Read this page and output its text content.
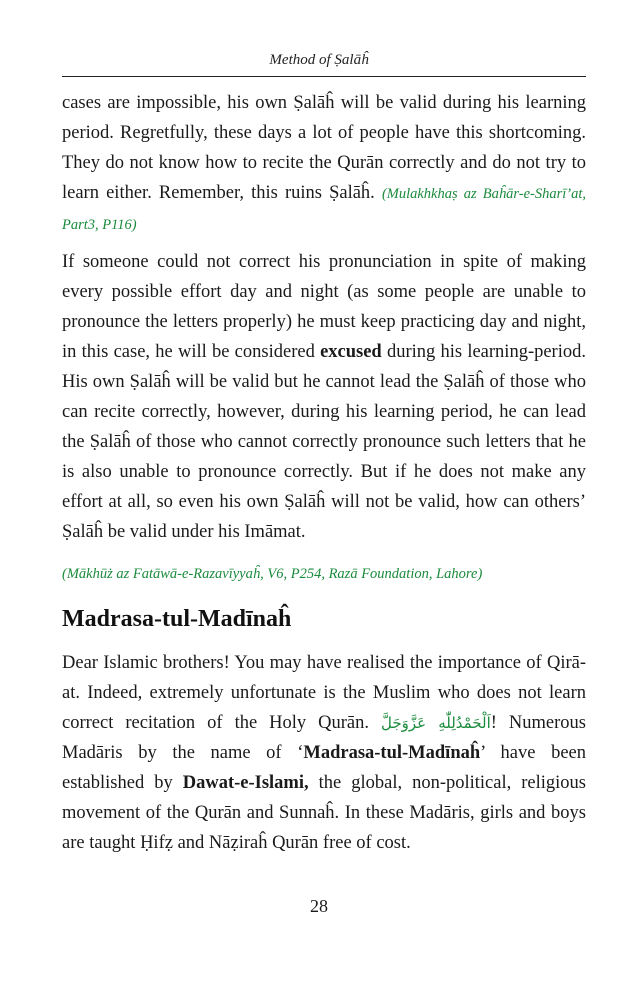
Method of Ṣalāĥ

cases are impossible, his own Ṣalāĥ will be valid during his learning period. Regretfully, these days a lot of people have this shortcoming. They do not know how to recite the Qurān correctly and do not try to learn either. Remember, this ruins Ṣalāĥ. (Mulakhkhaṣ az Baĥār-e-Sharī’at, Part3, P116)

If someone could not correct his pronunciation in spite of making every possible effort day and night (as some people are unable to pronounce the letters properly) he must keep practicing day and night, in this case, he will be considered excused during his learning-period. His own Ṣalāĥ will be valid but he cannot lead the Ṣalāĥ of those who can recite correctly, however, during his learning period, he can lead the Ṣalāĥ of those who cannot correctly pronounce such letters that he is also unable to pronounce correctly. But if he does not make any effort at all, so even his own Ṣalāĥ will not be valid, how can others’ Ṣalāĥ be valid under his Imāmat.

(Mākhūż az Fatāwā-e-Razavīyyaĥ, V6, P254, Razā Foundation, Lahore)

Madrasa-tul-Madīnaĥ

Dear Islamic brothers! You may have realised the importance of Qirā-at. Indeed, extremely unfortunate is the Muslim who does not learn correct recitation of the Holy Qurān. اَلْحَمْدُلِلّٰهِ عَزَّوَجَلَّ! Numerous Madāris by the name of ‘Madrasa-tul-Madīnaĥ’ have been established by Dawat-e-Islami, the global, non-political, religious movement of the Qurān and Sunnaĥ. In these Madāris, girls and boys are taught Ḥifẓ and Nāẓiraĥ Qurān free of cost.

28
